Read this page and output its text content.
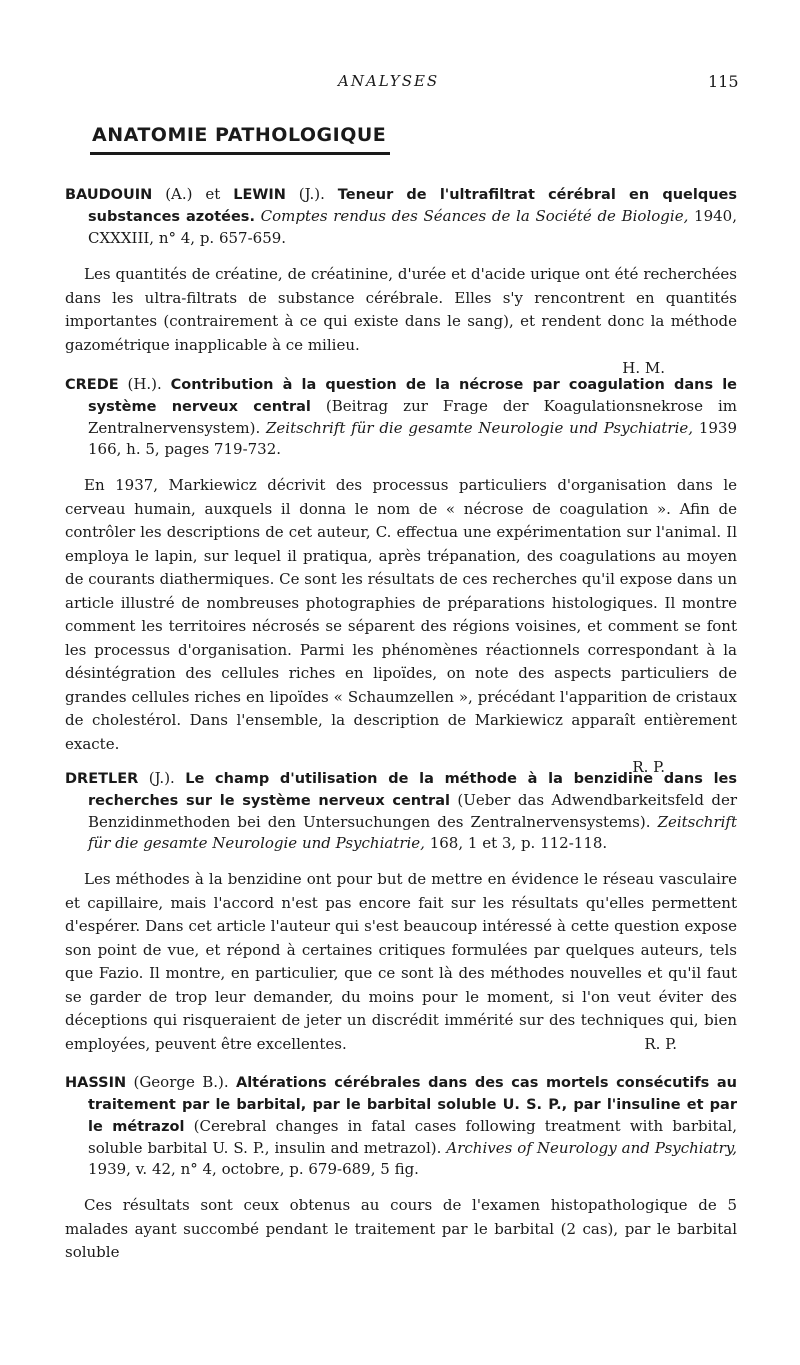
ANALYSES	115
ANATOMIE PATHOLOGIQUE

BAUDOUIN (A.) et LEWIN (J.). Teneur de l'ultrafiltrat cérébral en quelques substances azotées. Comptes rendus des Séances de la Société de Biologie, 1940, CXXXIII, n° 4, p. 657-659.

Les quantités de créatine, de créatinine, d'urée et d'acide urique ont été recherchées dans les ultra-filtrats de substance cérébrale. Elles s'y rencontrent en quantités importantes (contrairement à ce qui existe dans le sang), et rendent donc la méthode gazométrique inapplicable à ce milieu.

H. M.

CREDE (H.). Contribution à la question de la nécrose par coagulation dans le système nerveux central (Beitrag zur Frage der Koagulationsnekrose im Zentralnervensystem). Zeitschrift für die gesamte Neurologie und Psychiatrie, 1939 166, h. 5, pages 719-732.

En 1937, Markiewicz décrivit des processus particuliers d'organisation dans le cerveau humain, auxquels il donna le nom de « nécrose de coagulation ». Afin de contrôler les descriptions de cet auteur, C. effectua une expérimentation sur l'animal. Il employa le lapin, sur lequel il pratiqua, après trépanation, des coagulations au moyen de courants diathermiques. Ce sont les résultats de ces recherches qu'il expose dans un article illustré de nombreuses photographies de préparations histologiques. Il montre comment les territoires nécrosés se séparent des régions voisines, et comment se font les processus d'organisation. Parmi les phénomènes réactionnels correspondant à la désintégration des cellules riches en lipoïdes, on note des aspects particuliers de grandes cellules riches en lipoïdes « Schaumzellen », précédant l'apparition de cristaux de cholestérol. Dans l'ensemble, la description de Markiewicz apparaît entièrement exacte.

R. P.

DRETLER (J.). Le champ d'utilisation de la méthode à la benzidine dans les recherches sur le système nerveux central (Ueber das Adwendbarkeitsfeld der Benzidinmethoden bei den Untersuchungen des Zentralnervensystems). Zeitschrift für die gesamte Neurologie und Psychiatrie, 168, 1 et 3, p. 112-118.

Les méthodes à la benzidine ont pour but de mettre en évidence le réseau vasculaire et capillaire, mais l'accord n'est pas encore fait sur les résultats qu'elles permettent d'espérer. Dans cet article l'auteur qui s'est beaucoup intéressé à cette question expose son point de vue, et répond à certaines critiques formulées par quelques auteurs, tels que Fazio. Il montre, en particulier, que ce sont là des méthodes nouvelles et qu'il faut se garder de trop leur demander, du moins pour le moment, si l'on veut éviter des déceptions qui risqueraient de jeter un discrédit immérité sur des techniques qui, bien employées, peuvent être excellentes.	R. P.

HASSIN (George B.). Altérations cérébrales dans des cas mortels consécutifs au traitement par le barbital, par le barbital soluble U. S. P., par l'insuline et par le métrazol (Cerebral changes in fatal cases following treatment with barbital, soluble barbital U. S. P., insulin and metrazol). Archives of Neurology and Psychiatry, 1939, v. 42, n° 4, octobre, p. 679-689, 5 fig.

Ces résultats sont ceux obtenus au cours de l'examen histopathologique de 5 malades ayant succombé pendant le traitement par le barbital (2 cas), par le barbital soluble
